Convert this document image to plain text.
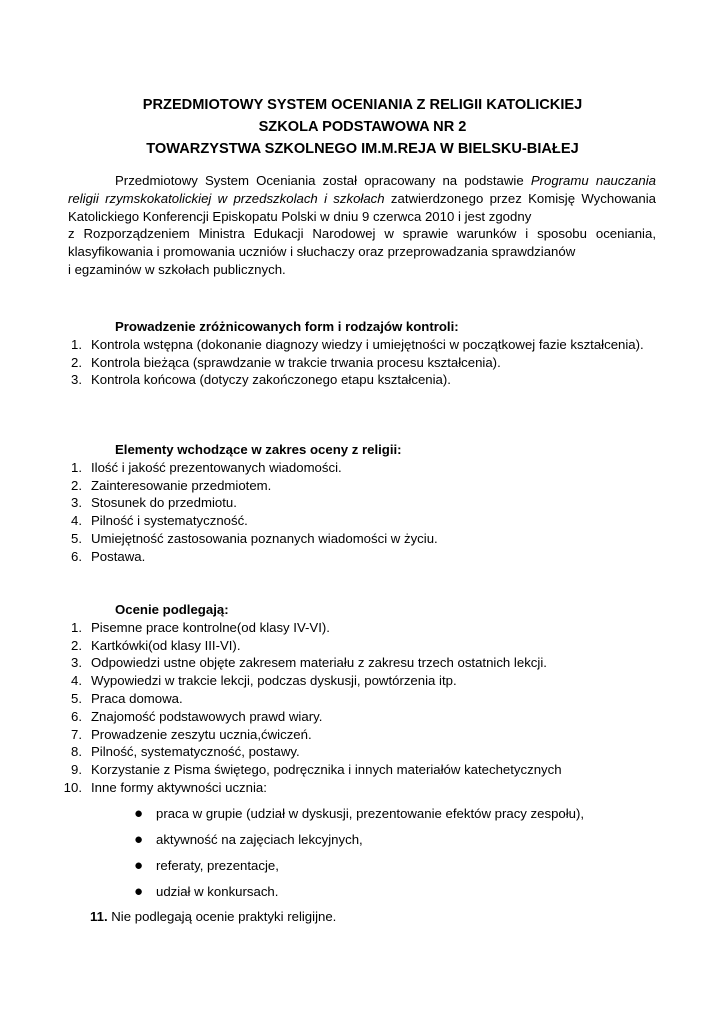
PRZEDMIOTOWY SYSTEM OCENIANIA Z RELIGII KATOLICKIEJ
SZKOLA PODSTAWOWA NR 2
TOWARZYSTWA SZKOLNEGO IM.M.REJA W BIELSKU-BIAŁEJ
Przedmiotowy System Oceniania został opracowany na podstawie Programu nauczania
religii rzymskokatolickiej w przedszkolach i szkołach zatwierdzonego przez Komisję Wychowania
Katolickiego Konferencji Episkopatu Polski w dniu 9 czerwca 2010 i jest zgodny
z Rozporządzeniem Ministra Edukacji Narodowej w sprawie warunków i sposobu oceniania,
klasyfikowania i promowania uczniów i słuchaczy oraz przeprowadzania sprawdzianów
i egzaminów w szkołach publicznych.
Prowadzenie zróżnicowanych form i rodzajów kontroli:
1. Kontrola wstępna (dokonanie diagnozy wiedzy i umiejętności w początkowej fazie kształcenia).
2. Kontrola bieżąca (sprawdzanie w trakcie trwania procesu kształcenia).
3. Kontrola końcowa (dotyczy zakończonego etapu kształcenia).
Elementy wchodzące w zakres oceny z religii:
1. Ilość i jakość prezentowanych wiadomości.
2. Zainteresowanie przedmiotem.
3. Stosunek do przedmiotu.
4. Pilność i systematyczność.
5. Umiejętność zastosowania poznanych wiadomości w życiu.
6. Postawa.
Ocenie podlegają:
1. Pisemne prace kontrolne(od klasy IV-VI).
2. Kartkówki(od klasy III-VI).
3. Odpowiedzi ustne objęte zakresem materiału z zakresu trzech ostatnich lekcji.
4. Wypowiedzi w trakcie lekcji, podczas dyskusji, powtórzenia itp.
5. Praca domowa.
6. Znajomość podstawowych prawd wiary.
7. Prowadzenie zeszytu ucznia,ćwiczeń.
8. Pilność, systematyczność, postawy.
9. Korzystanie z Pisma świętego, podręcznika i innych materiałów katechetycznych
10. Inne formy aktywności ucznia:
● praca w grupie (udział w dyskusji, prezentowanie efektów pracy zespołu),
● aktywność na zajęciach lekcyjnych,
● referaty, prezentacje,
● udział w konkursach.
11. Nie podlegają ocenie praktyki religijne.
